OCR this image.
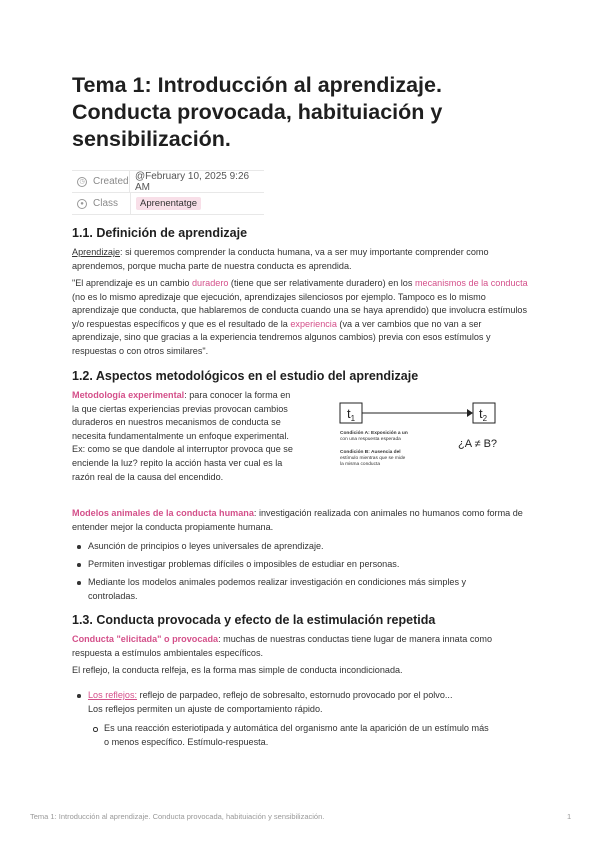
Tema 1: Introducción al aprendizaje. Conducta provocada, habituiación y sensibilización.
◷ Created @February 10, 2025 9:26 AM
● Class	Aprenentatge
1.1. Definición de aprendizaje

Aprendizaje: si queremos comprender la conducta humana, va a ser muy importante comprender como aprendemos, porque mucha parte de nuestra conducta es aprendida.

"El aprendizaje es un cambio duradero (tiene que ser relativamente duradero) en los mecanismos de la conducta (no es lo mismo apredizaje que ejecución, aprendizajes silenciosos por ejemplo. Tampoco es lo mismo aprendizaje que conducta, que hablaremos de conducta cuando una se haya aprendido) que involucra estímulos y/o respuestas específicos y que es el resultado de la experiencia (va a ver cambios que no van a ser aprendizaje, sino que gracias a la experiencia tendremos algunos cambios) previa con esos estímulos y respuestas o con otros similares".

1.2. Aspectos metodológicos en el estudio del aprendizaje

Metodología experimental: para conocer la forma en la que ciertas experiencias previas provocan cambios duraderos en nuestros mecanismos de conducta se necesita fundamentalmente un enfoque experimental. Ex: como se que dandole al interruptor provoca que se enciende la luz? repito la acción hasta ver cual es la razón real de la causa del encendido.

$t_1$	$t_2$
¿A ≠ B?
Condición A: Exposición a un
con una respuesta esperada
Condición B: Ausencia del
estímulo mientras que se mide
la misma conducta

Modelos animales de la conducta humana: investigación realizada con animales no humanos como forma de entender mejor la conducta propiamente humana.

Asunción de principios o leyes universales de aprendizaje.
Permiten investigar problemas difíciles o imposibles de estudiar en personas.
Mediante los modelos animales podemos realizar investigación en condiciones más simples y controladas.
1.3. Conducta provocada y efecto de la estimulación repetida

Conducta "elicitada" o provocada: muchas de nuestras conductas tiene lugar de manera innata como respuesta a estímulos ambientales específicos.

El reflejo, la conducta relfeja, es la forma mas simple de conducta incondicionada.

Los reflejos: reflejo de parpadeo, reflejo de sobresalto, estornudo provocado por el polvo...
Los reflejos permiten un ajuste de comportamiento rápido.
Es una reacción esteriotipada y automática del organismo ante la aparición de un estímulo más o menos específico. Estímulo-respuesta.
Tema 1: Introducción al aprendizaje. Conducta provocada, habituiación y sensibilización.	1
